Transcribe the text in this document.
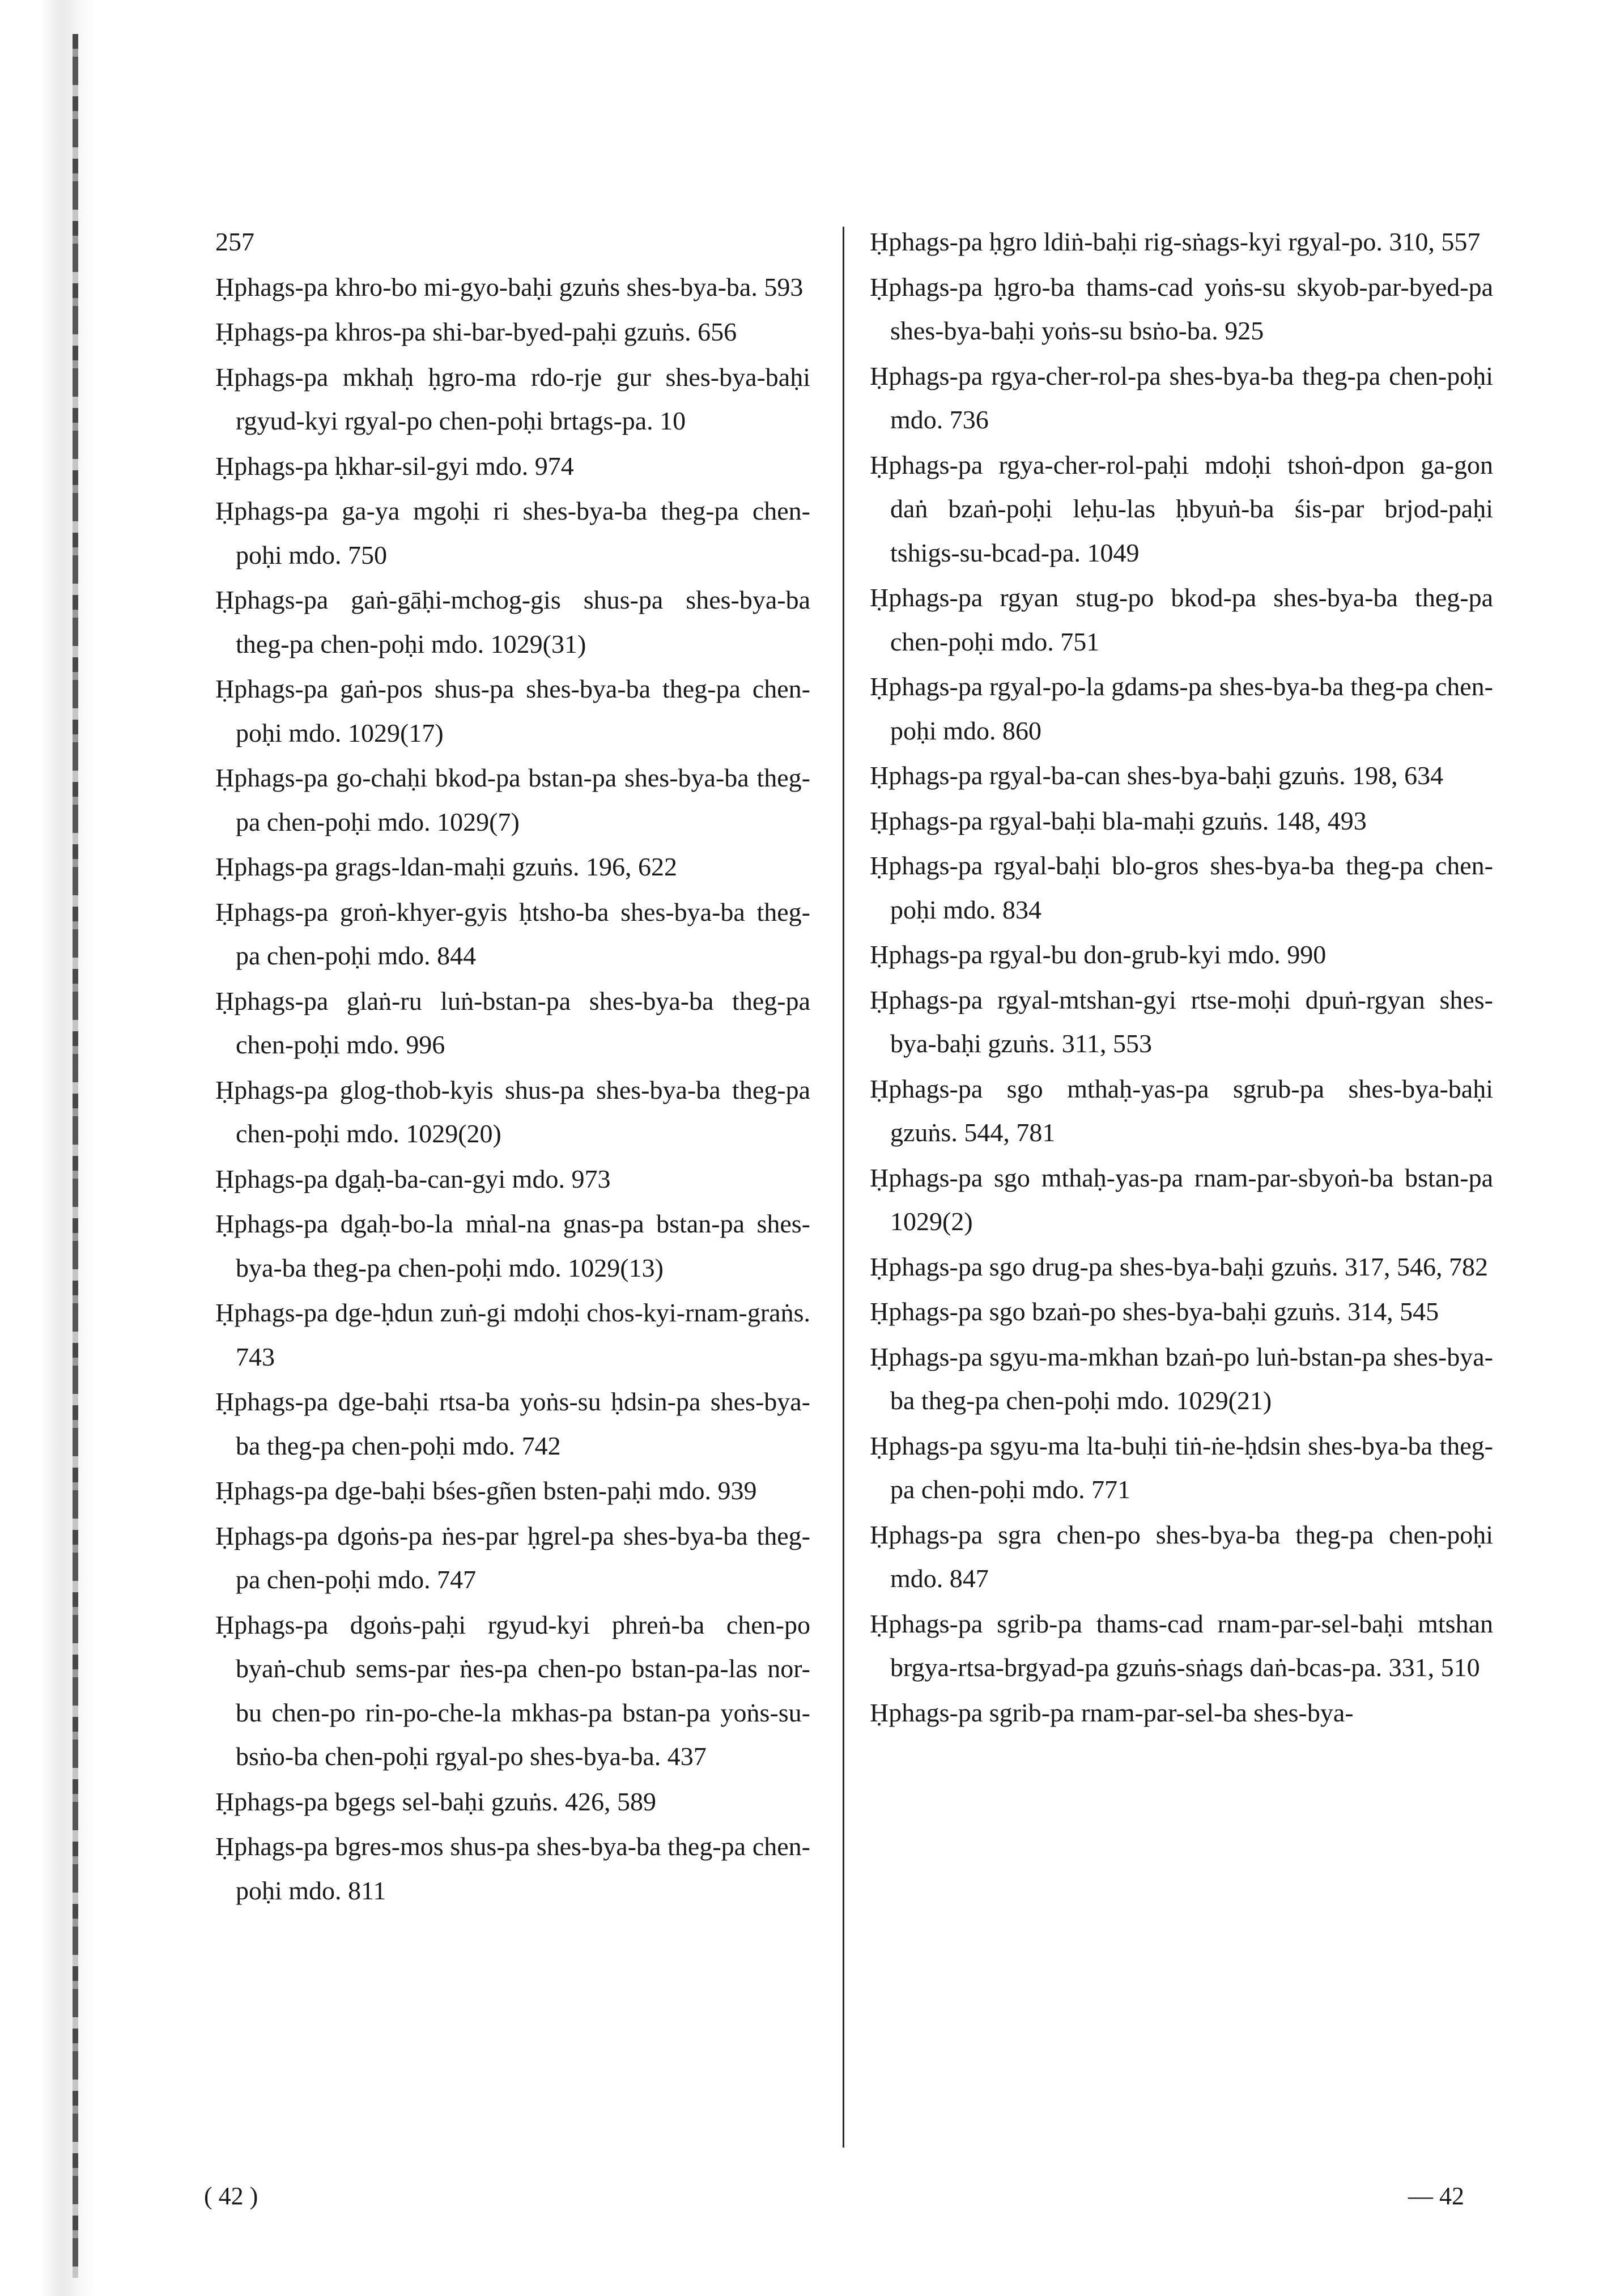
257

Ḥphags-pa khro-bo mi-gyo-baḥi gzuṅs shes-bya-ba. 593

Ḥphags-pa khros-pa shi-bar-byed-paḥi gzuṅs. 656

Ḥphags-pa mkhaḥ ḥgro-ma rdo-rje gur shes-bya-baḥi rgyud-kyi rgyal-po chen-poḥi brtags-pa. 10

Ḥphags-pa ḥkhar-sil-gyi mdo. 974

Ḥphags-pa ga-ya mgoḥi ri shes-bya-ba theg-pa chen-poḥi mdo. 750

Ḥphags-pa gaṅ-gāḥi-mchog-gis shus-pa shes-bya-ba theg-pa chen-poḥi mdo. 1029(31)

Ḥphags-pa gaṅ-pos shus-pa shes-bya-ba theg-pa chen-poḥi mdo. 1029(17)

Ḥphags-pa go-chaḥi bkod-pa bstan-pa shes-bya-ba theg-pa chen-poḥi mdo. 1029(7)

Ḥphags-pa grags-ldan-maḥi gzuṅs. 196, 622

Ḥphags-pa groṅ-khyer-gyis ḥtsho-ba shes-bya-ba theg-pa chen-poḥi mdo. 844

Ḥphags-pa glaṅ-ru luṅ-bstan-pa shes-bya-ba theg-pa chen-poḥi mdo. 996

Ḥphags-pa glog-thob-kyis shus-pa shes-bya-ba theg-pa chen-poḥi mdo. 1029(20)

Ḥphags-pa dgaḥ-ba-can-gyi mdo. 973

Ḥphags-pa dgaḥ-bo-la mṅal-na gnas-pa bstan-pa shes-bya-ba theg-pa chen-poḥi mdo. 1029(13)

Ḥphags-pa dge-ḥdun zuṅ-gi mdoḥi chos-kyi-rnam-graṅs. 743

Ḥphags-pa dge-baḥi rtsa-ba yoṅs-su ḥdsin-pa shes-bya-ba theg-pa chen-poḥi mdo. 742

Ḥphags-pa dge-baḥi bśes-gñen bsten-paḥi mdo. 939

Ḥphags-pa dgoṅs-pa ṅes-par ḥgrel-pa shes-bya-ba theg-pa chen-poḥi mdo. 747

Ḥphags-pa dgoṅs-paḥi rgyud-kyi phreṅ-ba chen-po byaṅ-chub sems-par ṅes-pa chen-po bstan-pa-las nor-bu chen-po rin-po-che-la mkhas-pa bstan-pa yoṅs-su-bsṅo-ba chen-poḥi rgyal-po shes-bya-ba. 437

Ḥphags-pa bgegs sel-baḥi gzuṅs. 426, 589

Ḥphags-pa bgres-mos shus-pa shes-bya-ba theg-pa chen-poḥi mdo. 811

Ḥphags-pa ḥgro ldiṅ-baḥi rig-sṅags-kyi rgyal-po. 310, 557

Ḥphags-pa ḥgro-ba thams-cad yoṅs-su skyob-par-byed-pa shes-bya-baḥi yoṅs-su bsṅo-ba. 925

Ḥphags-pa rgya-cher-rol-pa shes-bya-ba theg-pa chen-poḥi mdo. 736

Ḥphags-pa rgya-cher-rol-paḥi mdoḥi tshoṅ-dpon ga-gon daṅ bzaṅ-poḥi leḥu-las ḥbyuṅ-ba śis-par brjod-paḥi tshigs-su-bcad-pa. 1049

Ḥphags-pa rgyan stug-po bkod-pa shes-bya-ba theg-pa chen-poḥi mdo. 751

Ḥphags-pa rgyal-po-la gdams-pa shes-bya-ba theg-pa chen-poḥi mdo. 860

Ḥphags-pa rgyal-ba-can shes-bya-baḥi gzuṅs. 198, 634

Ḥphags-pa rgyal-baḥi bla-maḥi gzuṅs. 148, 493

Ḥphags-pa rgyal-baḥi blo-gros shes-bya-ba theg-pa chen-poḥi mdo. 834

Ḥphags-pa rgyal-bu don-grub-kyi mdo. 990

Ḥphags-pa rgyal-mtshan-gyi rtse-moḥi dpuṅ-rgyan shes-bya-baḥi gzuṅs. 311, 553

Ḥphags-pa sgo mthaḥ-yas-pa sgrub-pa shes-bya-baḥi gzuṅs. 544, 781

Ḥphags-pa sgo mthaḥ-yas-pa rnam-par-sbyoṅ-ba bstan-pa 1029(2)

Ḥphags-pa sgo drug-pa shes-bya-baḥi gzuṅs. 317, 546, 782

Ḥphags-pa sgo bzaṅ-po shes-bya-baḥi gzuṅs. 314, 545

Ḥphags-pa sgyu-ma-mkhan bzaṅ-po luṅ-bstan-pa shes-bya-ba theg-pa chen-poḥi mdo. 1029(21)

Ḥphags-pa sgyu-ma lta-buḥi tiṅ-ṅe-ḥdsin shes-bya-ba theg-pa chen-poḥi mdo. 771

Ḥphags-pa sgra chen-po shes-bya-ba theg-pa chen-poḥi mdo. 847

Ḥphags-pa sgrib-pa thams-cad rnam-par-sel-baḥi mtshan brgya-rtsa-brgyad-pa gzuṅs-sṅags daṅ-bcas-pa. 331, 510

Ḥphags-pa sgrib-pa rnam-par-sel-ba shes-bya-

( 42 )	— 42
